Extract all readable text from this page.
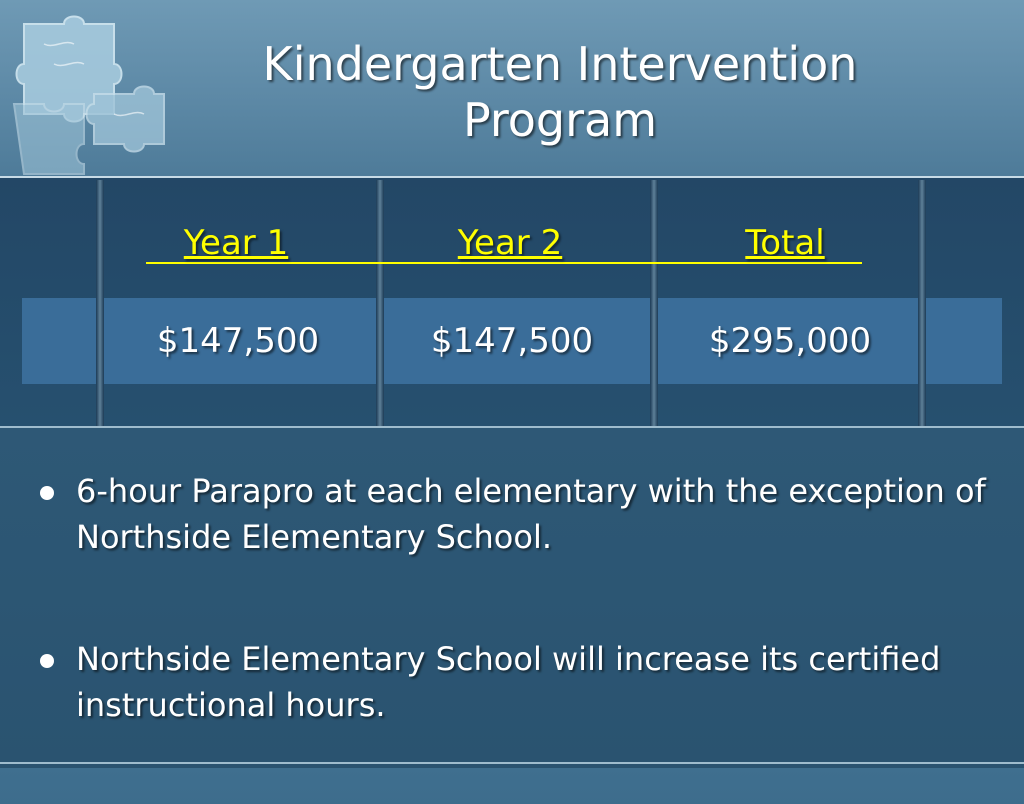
Kindergarten Intervention
Program
Year 1	Year 2	Total
$147,500	$147,500	$295,000
6-hour Parapro at each elementary with the exception of Northside Elementary School.
Northside Elementary School will increase its certified instructional hours.
